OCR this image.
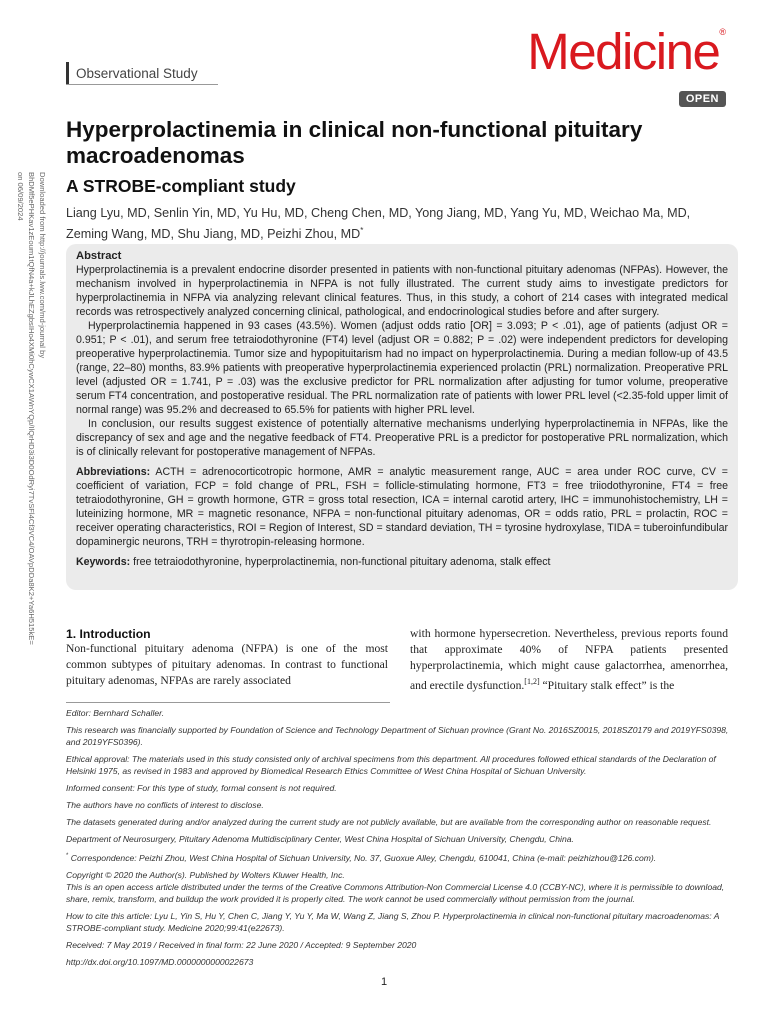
Observational Study	Medicine®
OPEN
Hyperprolactinemia in clinical non-functional pituitary macroadenomas
A STROBE-compliant study
Liang Lyu, MD, Senlin Yin, MD, Yu Hu, MD, Cheng Chen, MD, Yong Jiang, MD, Yang Yu, MD, Weichao Ma, MD, Zeming Wang, MD, Shu Jiang, MD, Peizhi Zhou, MD*
Downloaded from http://journals.lww.com/md-journal by BhDMf5ePHKav1zEoum1tQfN4a+kJLhEZgbsIHo4XMi0hCywCX1AWnYQp/IlQrHD3i3D0OdRyi7TvSFl4Cf3VC4/OAVpDDa8K2+Ya6H515kE= on 06/09/2024
Abstract

Hyperprolactinemia is a prevalent endocrine disorder presented in patients with non-functional pituitary adenomas (NFPAs). However, the mechanism involved in hyperprolactinemia in NFPA is not fully illustrated. The current study aims to investigate predictors for hyperprolactinemia in NFPA via analyzing relevant clinical features. Thus, in this study, a cohort of 214 cases with integrated medical records was retrospectively analyzed concerning clinical, pathological, and endocrinological studies before and after surgery.

Hyperprolactinemia happened in 93 cases (43.5%). Women (adjust odds ratio [OR] = 3.093; P < .01), age of patients (adjust OR = 0.951; P < .01), and serum free tetraiodothyronine (FT4) level (adjust OR = 0.882; P = .02) were independent predictors for developing preoperative hyperprolactinemia. Tumor size and hypopituitarism had no impact on hyperprolactinemia. During a median follow-up of 43.5 (range, 22–80) months, 83.9% patients with preoperative hyperprolactinemia experienced prolactin (PRL) normalization. Preoperative PRL level (adjusted OR = 1.741, P = .03) was the exclusive predictor for PRL normalization after adjusting for tumor volume, preoperative serum FT4 concentration, and postoperative residual. The PRL normalization rate of patients with lower PRL level (<2.35-fold upper limit of normal range) was 95.2% and decreased to 65.5% for patients with higher PRL level.

In conclusion, our results suggest existence of potentially alternative mechanisms underlying hyperprolactinemia in NFPAs, like the discrepancy of sex and age and the negative feedback of FT4. Preoperative PRL is a predictor for postoperative PRL normalization, which is of clinically relevant for postoperative management of NFPAs.

Abbreviations: ACTH = adrenocorticotropic hormone, AMR = analytic measurement range, AUC = area under ROC curve, CV = coefficient of variation, FCP = fold change of PRL, FSH = follicle-stimulating hormone, FT3 = free triiodothyronine, FT4 = free tetraiodothyronine, GH = growth hormone, GTR = gross total resection, ICA = internal carotid artery, IHC = immunohistochemistry, LH = luteinizing hormone, MR = magnetic resonance, NFPA = non-functional pituitary adenomas, OR = odds ratio, PRL = prolactin, ROC = receiver operating characteristics, ROI = Region of Interest, SD = standard deviation, TH = tyrosine hydroxylase, TIDA = tuberoinfundibular dopaminergic neurons, TRH = thyrotropin-releasing hormone.

Keywords: free tetraiodothyronine, hyperprolactinemia, non-functional pituitary adenoma, stalk effect

1. Introduction
Non-functional pituitary adenoma (NFPA) is one of the most common subtypes of pituitary adenomas. In contrast to functional pituitary adenomas, NFPAs are rarely associated
with hormone hypersecretion. Nevertheless, previous reports found that approximate 40% of NFPA patients presented hyperprolactinemia, which might cause galactorrhea, amenorrhea, and erectile dysfunction.[1,2] “Pituitary stalk effect” is the

Editor: Bernhard Schaller.

This research was financially supported by Foundation of Science and Technology Department of Sichuan province (Grant No. 2016SZ0015, 2018SZ0179 and 2019YFS0398, and 2019YFS0396).

Ethical approval: The materials used in this study consisted only of archival specimens from this department. All procedures followed ethical standards of the Declaration of Helsinki 1975, as revised in 1983 and approved by Biomedical Research Ethics Committee of West China Hospital of Sichuan University.

Informed consent: For this type of study, formal consent is not required.

The authors have no conflicts of interest to disclose.

The datasets generated during and/or analyzed during the current study are not publicly available, but are available from the corresponding author on reasonable request.

Department of Neurosurgery, Pituitary Adenoma Multidisciplinary Center, West China Hospital of Sichuan University, Chengdu, China.

* Correspondence: Peizhi Zhou, West China Hospital of Sichuan University, No. 37, Guoxue Alley, Chengdu, 610041, China (e-mail: peizhizhou@126.com).

Copyright © 2020 the Author(s). Published by Wolters Kluwer Health, Inc.

This is an open access article distributed under the terms of the Creative Commons Attribution-Non Commercial License 4.0 (CCBY-NC), where it is permissible to download, share, remix, transform, and buildup the work provided it is properly cited. The work cannot be used commercially without permission from the journal.

How to cite this article: Lyu L, Yin S, Hu Y, Chen C, Jiang Y, Yu Y, Ma W, Wang Z, Jiang S, Zhou P. Hyperprolactinemia in clinical non-functional pituitary macroadenomas: A STROBE-compliant study. Medicine 2020;99:41(e22673).

Received: 7 May 2019 / Received in final form: 22 June 2020 / Accepted: 9 September 2020

http://dx.doi.org/10.1097/MD.0000000000022673

1
